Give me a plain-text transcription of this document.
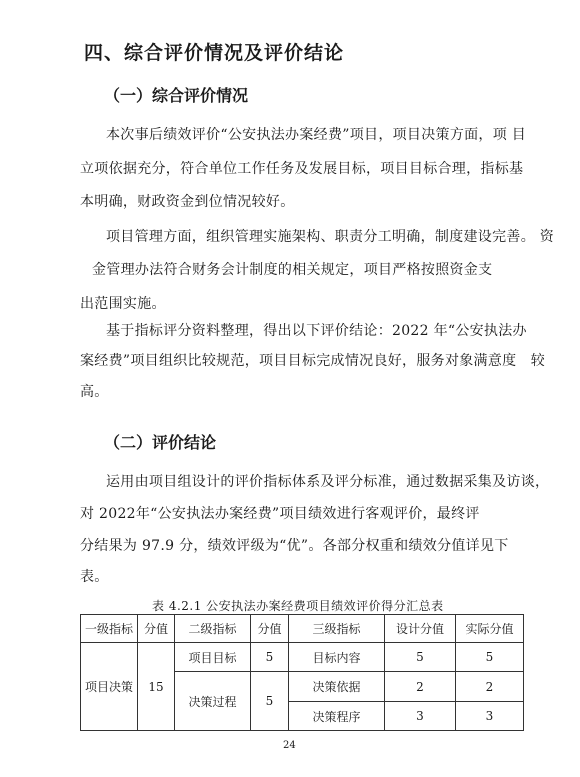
四、综合评价情况及评价结论
（一）综合评价情况
本次事后绩效评价“公安执法办案经费”项目，项目决策方面，项 目
立项依据充分，符合单位工作任务及发展目标，项目目标合理，指标基
本明确，财政资金到位情况较好。
项目管理方面，组织管理实施架构、职责分工明确，制度建设完善。 资
金管理办法符合财务会计制度的相关规定，项目严格按照资金支
出范围实施。
基于指标评分资料整理，得出以下评价结论：2022 年“公安执法办
案经费”项目组织比较规范，项目目标完成情况良好，服务对象满意度　较
高。
（二）评价结论
运用由项目组设计的评价指标体系及评分标准，通过数据采集及访谈，
对 2022年“公安执法办案经费”项目绩效进行客观评价，最终评
分结果为 97.9 分，绩效评级为“优”。各部分权重和绩效分值详见下
表。
表 4.2.1 公安执法办案经费项目绩效评价得分汇总表
一级指标	分值	二级指标	分值	三级指标	设计分值	实际分值
项目决策	15	项目目标	5	目标内容	5	5
		决策过程	5	决策依据	2	2
				决策程序	3	3
24
